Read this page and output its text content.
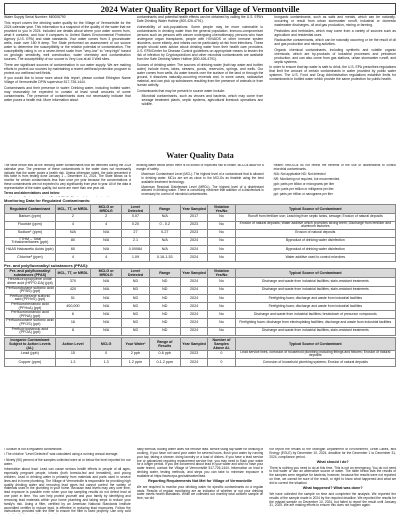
2024 Water Quality Report for Village of Vermontville

Water Supply Serial Number: MI0006790

This report covers the drinking water quality for the Village of Vermontville for the 2024 calendar year. This information is a snapshot of the quality of the water that we provided to you in 2024. Included are details about where your water comes from, what it contains, and how it compares to United States Environmental Protection Agency (U.S. EPA) and state standards. Your water comes from 3 groundwater wells, each over 180 ft deep. The State performed an assessment of our source water to determine the susceptibility or the relative potential of contamination. The susceptibility rating is on a seven-tiered scale from "very-low" to "very-high" based on geologic sensitivity, well construction, water chemistry and contamination sources. The susceptibility of our source is Very Low at all 3 Well sites.

There are significant sources of contamination in our water supply. We are making efforts to protect our sources by maintaining a recent wellhead protection program to protect our wellhead well fields.

If you would like to know more about this report, please contact Ethington Name Village of Vermontville DPW supervisor 517-726-1444.

Contaminants and their presence in water: Drinking water, including bottled water, may reasonably be expected to contain at least small amounts of some contaminants. The presence of contaminants does not necessarily indicate that water poses a health risk. More information about

contaminants and potential health effects can be obtained by calling the U.S. EPA's Safe Drinking Water Hotline (800-426-4791).

Vulnerability of sub-populations: Some people may be more vulnerable to contaminants in drinking water than the general population. Immuno-compromised persons such as persons with cancer undergoing chemotherapy, persons who have undergone organ transplants, people with HIV/AIDS or other immune system disorders, some elderly, and infants can be particularly at risk from infections. These people should seek advice about drinking water from their health care providers. U.S. EPA/Center for Disease Control guidelines on appropriate means to lessen the risk of infection by Cryptosporidium and other microbial contaminants are available from the Safe Drinking Water Hotline (800-426-4791).

Sources of drinking water: The sources of drinking water (both tap water and bottled water) include rivers, lakes, streams, ponds, reservoirs, springs, and wells. Our water comes from wells. As water travels over the surface of the land or through the ground, it dissolves naturally-occurring minerals and, in some cases, radioactive material, and can pick up substances resulting from the presence of animals or from human activity.

Contaminants that may be present in source water include:

• Microbial contaminants, such as viruses and bacteria, which may come from sewage treatment plants, septic systems, agricultural livestock operations and wildlife.
• Inorganic contaminants, such as salts and metals, which can be naturally-occurring or result from urban stormwater runoff, industrial or domestic wastewater discharges, oil and gas production, mining or farming.
• Pesticides and herbicides, which may come from a variety of sources such as agriculture and residential uses.
• Radioactive contaminants, which can be naturally occurring or be the result of oil and gas production and mining activities.
• Organic chemical contaminants, including synthetic and volatile organic chemicals, which are by-products of industrial processes and petroleum production, and can also come from gas stations, urban stormwater runoff, and septic systems.

In order to ensure that tap water is safe to drink, the U.S. EPA prescribes regulations that limit the amount of certain contaminants in water provided by public water systems. The U.S. Food and Drug Administration regulations establish limits for contaminants in bottled water which provide the same protection for public health.

Water Quality Data

The table below lists all the drinking water contaminants that we detected during the 2024 calendar year. The presence of these contaminants in the water does not necessarily indicate that the water poses a health risk. Unless otherwise noted, the data presented in this table is from testing done January 1 – December 31, 2024. The State allows us to monitor for certain contaminants less than once per year because the concentrations of these contaminants are not expected to vary significantly from year to year. All of the data is representative of the water quality, but some are more than one year old.

Terms and abbreviations used below:

drinking water below which there is no known or expected risk to health. MCLGs allow for a margin of safety.

• Maximum Contaminant Level (MCL): The highest level of a contaminant that is allowed in drinking water. MCLs are set as close to the MCLGs as feasible using the best available treatment technology.
• Maximum Residual Disinfectant Level (MRDL): The highest level of a disinfectant allowed in drinking water. There is convincing evidence that addition of a disinfectant is necessary for control of microbial contaminants.
• Health: MRDLGs do not reflect the benefits of the use of disinfectants to control microbial contaminants.
• N/A: Not applicable ND: Not detected
• NR: Monitoring not required, but recommended.
• ppb: parts per billion or micrograms per liter
• ppm: parts per million or milligrams per liter
• ppt: parts per trillion or nanograms per liter
Monitoring Data for Regulated Contaminants:
Regulated Contaminant	MCL, TT, or MRDL	MCLG or MRDLG	Level Detected	Range	Year Sampled	Violation Yes/No	Typical Source of Contaminant
Barium (ppm)	2	2	0.07	N/A	2017	No	Runoff from fertilizer use; Leaching from septic tanks, sewage; Erosion of natural deposits
Fluoride (ppm)	4	4	0.20	0 - 0.2	2023	No	Erosion of natural deposits; Water additive which promotes strong teeth; Discharge from fertilizer and aluminum factories
Sodium¹ (ppm)	N/A	N/A	27	0-27	2023	No	Erosion of natural deposits
TTHM – Total Trihalomethanes (ppb)	80	N/A	2.1	N/A	2024	No	Byproduct of drinking water disinfection
HAA5 Haloacetic Acids (ppb)	60	N/A	0.00084	N/A	2024	No	Byproduct of drinking water disinfection
Chlorine² (ppm)	4	4	1.09	0.16-1.53	2024	No	Water additive used to control microbes
Per- and polyfluoroalkyl substances (PFAS):
Per- and polyfluoroalkyl substances (PFAS)	MCL, TT, or MRDL	MCLG or MRDLG	Level Detected	Range	Year Sampled	Violation Yes/No	Typical Source of Contaminant
Hexafluoropropylene oxide dimer acid (HFPO-DA) (ppt)	370	N/A	ND	ND	2024	No	Discharge and waste from industrial facilities; stain-resistant treatments
Perfluorobutane sulfonic acid (PFBS) (ppt)	420	N/A	ND	ND	2024	No	Discharge and waste from industrial facilities; stain-resistant treatments
Perfluorohexane sulfonic acid (PFHxS) (ppt)	51	N/A	ND	ND	2024	No	Firefighting foam; discharge and waste from industrial facilities
Perfluorohexanoic acid (PFHxA) (ppt)	400,000	N/A	ND	ND	2024	No	Firefighting foam; discharge and waste from industrial facilities
Perfluorononanoic acid (PFNA) (ppt)	6	N/A	ND	ND	2024	No	Discharge and waste from industrial facilities; breakdown of precursor compounds
Perfluorooctane sulfonic acid (PFOS) (ppt)	16	N/A	ND	ND	2024	No	Firefighting foam; discharge from electroplating facilities; discharge and waste from industrial facilities
Perfluorooctanoic acid (PFOA) (ppt)	8	N/A	ND	ND	2024	No	Discharge and waste from industrial facilities; stain-resistant treatments
Inorganic Contaminant Subject to Action Levels (AL)	Action Level	MCLG	Your Water³	Range of Results	Year Sampled	Number of Samples Above AL	Typical Source of Contaminant
Lead (ppb)	15	0	2 ppb	0-6 ppb	2023	0	Lead service lines, corrosion of household plumbing including fittings and fixtures; Erosion of natural deposits
Copper (ppm)	1.3	1.3	1.2 ppm	0-1.2 ppm	2024	0	Corrosion of household plumbing systems; Erosion of natural deposits

¹ Sodium is not a regulated contaminant.

² The chlorine "Level Detected" was calculated using a running annual average.

³ Ninety (90) percent of the samples collected were at or below the level reported for our water.

Information about lead: Lead can cause serious health effects in people of all ages, especially pregnant people, infants (both formula-fed and breastfed), and young children. Lead in drinking water is primarily from materials and parts used in service lines and in home plumbing. The Village of Vermontville is responsible for providing high quality drinking water and removing lead pipes but cannot control the variety of materials used in the plumbing in your home. Because lead levels may vary over time, lead exposure is possible even when your tap sampling results do not detect lead at one point in time. You can help protect yourself and your family by identifying and removing lead materials within your home plumbing and taking steps to reduce your family's risk. Using a filter, certified by an American National Standards Institute accredited certifier to reduce lead, is effective in reducing lead exposures. Follow the instructions provided with the filter to ensure the filter is used properly. Use only cold

baby formula. Boiling water does not remove lead. Before using tap water for drinking or cooking, if you have not used your water for several hours, flush your water by running your tap, taking a shower, doing laundry or a load of dishes. If you have a lead service line or galvanized requiring replacement service line, you may need to flush your water for a longer period. If you are concerned about lead in your water and wish to have your water tested, contact the Village of Vermontville 517-726-1444. Information on lead in drinking water, testing methods, and steps you can take to minimize exposure is available at https://www.epa.gov/safewater/lead.

Reporting Requirements Not Met for Village of Vermontville

We are required to monitor your drinking water for specific contaminants on a regular basis. Results of regular monitoring are an indicator of whether or not your drinking water meets health standards. While we collected our monthly total coliform sample on time, we did

not report the results to the Michigan Department of Environment, Great Lakes, and Energy (EGLE) by December 10, 2024, deadline for the December 1 to December 31, 2024, compliance period.

What should I do?

There is nothing you need to do at this time. This is not an emergency. You do not need to boil water or use an alternative source of water. The table below lists the results of the samples were negative for bacteria; however, because the results were not reported on time, we cannot be sure of the result, or right to know what happened and what we did to correct the situation.

What happened? What was done?

We have collected the sample on time and completed the analysis. We reported the results of the sample made in 2024 by the required deadline. We reported the results for the missed sample on December 10, 2024, but failed to report the result until January 31, 2025. We are making efforts to ensure this does not happen again.
